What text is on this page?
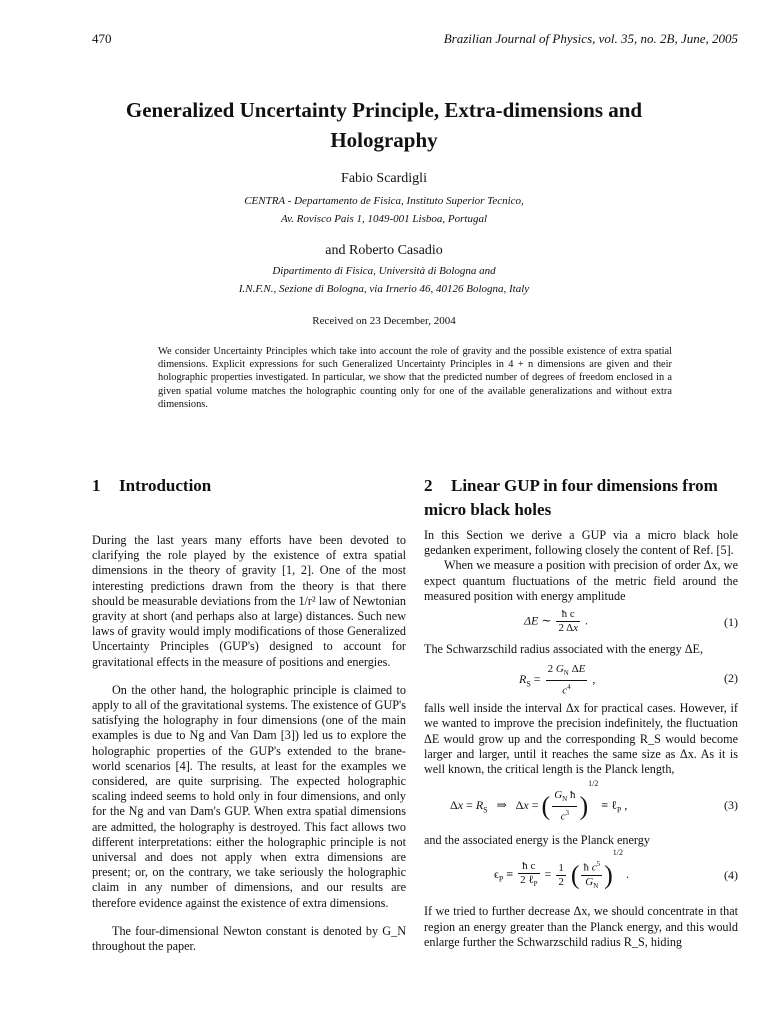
470	Brazilian Journal of Physics, vol. 35, no. 2B, June, 2005
Generalized Uncertainty Principle, Extra-dimensions and Holography
Fabio Scardigli
CENTRA - Departamento de Fisica, Instituto Superior Tecnico,
Av. Rovisco Pais 1, 1049-001 Lisboa, Portugal
and Roberto Casadio
Dipartimento di Fisica, Università di Bologna and
I.N.F.N., Sezione di Bologna, via Irnerio 46, 40126 Bologna, Italy
Received on 23 December, 2004
We consider Uncertainty Principles which take into account the role of gravity and the possible existence of extra spatial dimensions. Explicit expressions for such Generalized Uncertainty Principles in 4 + n dimensions are given and their holographic properties investigated. In particular, we show that the predicted number of degrees of freedom enclosed in a given spatial volume matches the holographic counting only for one of the available generalizations and without extra dimensions.
1 Introduction

During the last years many efforts have been devoted to clarifying the role played by the existence of extra spatial dimensions in the theory of gravity [1, 2]. One of the most interesting predictions drawn from the theory is that there should be measurable deviations from the 1/r² law of Newtonian gravity at short (and perhaps also at large) distances. Such new laws of gravity would imply modifications of those Generalized Uncertainty Principles (GUP's) designed to account for gravitational effects in the measure of positions and energies.

On the other hand, the holographic principle is claimed to apply to all of the gravitational systems. The existence of GUP's satisfying the holography in four dimensions (one of the main examples is due to Ng and Van Dam [3]) led us to explore the holographic properties of the GUP's extended to the brane-world scenarios [4]. The results, at least for the examples we considered, are quite surprising. The expected holographic scaling indeed seems to hold only in four dimensions, and only for the Ng and van Dam's GUP. When extra spatial dimensions are admitted, the holography is destroyed. This fact allows two different interpretations: either the holographic principle is not universal and does not apply when extra dimensions are present; or, on the contrary, we take seriously the holographic claim in any number of dimensions, and our results are therefore evidence against the existence of extra dimensions.

The four-dimensional Newton constant is denoted by G_N throughout the paper.

2 Linear GUP in four dimensions from micro black holes

In this Section we derive a GUP via a micro black hole gedanken experiment, following closely the content of Ref. [5].

When we measure a position with precision of order Δx, we expect quantum fluctuations of the metric field around the measured position with energy amplitude

ΔE ∼ $\frac{\text{ħ c}}{2 \Delta x}$ .	(1)

The Schwarzschild radius associated with the energy ΔE,

$R_S = \frac{2 G_N \Delta E}{c^4}$ ,	(2)

falls well inside the interval Δx for practical cases. However, if we wanted to improve the precision indefinitely, the fluctuation ΔE would grow up and the corresponding R_S would become larger and larger, until it reaches the same size as Δx. As it is well known, the critical length is the Planck length,

$\Delta x = R_S$   ⇒   Δx = ( $\frac{G_N ħ}{c^3} )^{1/2}$ ≡ ℓ$_P$ ,	(3)

and the associated energy is the Planck energy

$\epsilon_P \equiv \frac{\text{ħ c}}{2 \ell_P} = \frac{1}{2}$ ( $\frac{ħ c^5}{G_N} )^{1/2}$ .	(4)

If we tried to further decrease Δx, we should concentrate in that region an energy greater than the Planck energy, and this would enlarge further the Schwarzschild radius R_S, hiding
